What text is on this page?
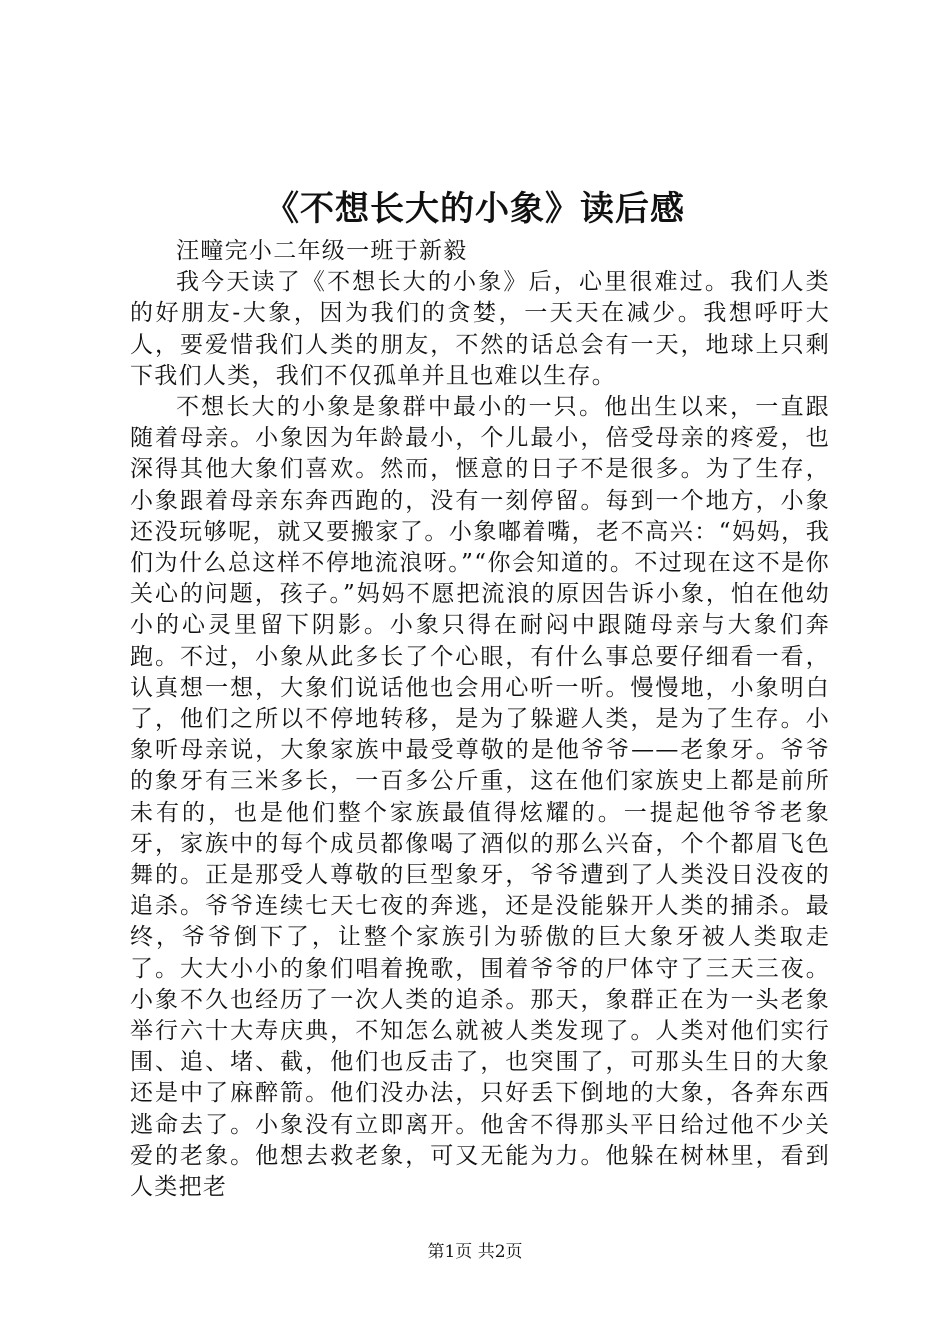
《不想长大的小象》读后感

汪疃完小二年级一班于新毅

我今天读了《不想长大的小象》后，心里很难过。我们人类的好朋友-大象，因为我们的贪婪，一天天在减少。我想呼吁大人，要爱惜我们人类的朋友，不然的话总会有一天，地球上只剩下我们人类，我们不仅孤单并且也难以生存。

不想长大的小象是象群中最小的一只。他出生以来，一直跟随着母亲。小象因为年龄最小，个儿最小，倍受母亲的疼爱，也深得其他大象们喜欢。然而，惬意的日子不是很多。为了生存，小象跟着母亲东奔西跑的，没有一刻停留。每到一个地方，小象还没玩够呢，就又要搬家了。小象嘟着嘴，老不高兴：“妈妈，我们为什么总这样不停地流浪呀。”“你会知道的。不过现在这不是你关心的问题，孩子。”妈妈不愿把流浪的原因告诉小象，怕在他幼小的心灵里留下阴影。小象只得在耐闷中跟随母亲与大象们奔跑。不过，小象从此多长了个心眼，有什么事总要仔细看一看，认真想一想，大象们说话他也会用心听一听。慢慢地，小象明白了，他们之所以不停地转移，是为了躲避人类，是为了生存。小象听母亲说，大象家族中最受尊敬的是他爷爷——老象牙。爷爷的象牙有三米多长，一百多公斤重，这在他们家族史上都是前所未有的，也是他们整个家族最值得炫耀的。一提起他爷爷老象牙，家族中的每个成员都像喝了酒似的那么兴奋，个个都眉飞色舞的。正是那受人尊敬的巨型象牙，爷爷遭到了人类没日没夜的追杀。爷爷连续七天七夜的奔逃，还是没能躲开人类的捕杀。最终，爷爷倒下了，让整个家族引为骄傲的巨大象牙被人类取走了。大大小小的象们唱着挽歌，围着爷爷的尸体守了三天三夜。小象不久也经历了一次人类的追杀。那天，象群正在为一头老象举行六十大寿庆典，不知怎么就被人类发现了。人类对他们实行围、追、堵、截，他们也反击了，也突围了，可那头生日的大象还是中了麻醉箭。他们没办法，只好丢下倒地的大象，各奔东西逃命去了。小象没有立即离开。他舍不得那头平日给过他不少关爱的老象。他想去救老象，可又无能为力。他躲在树林里，看到人类把老

第1页 共2页
